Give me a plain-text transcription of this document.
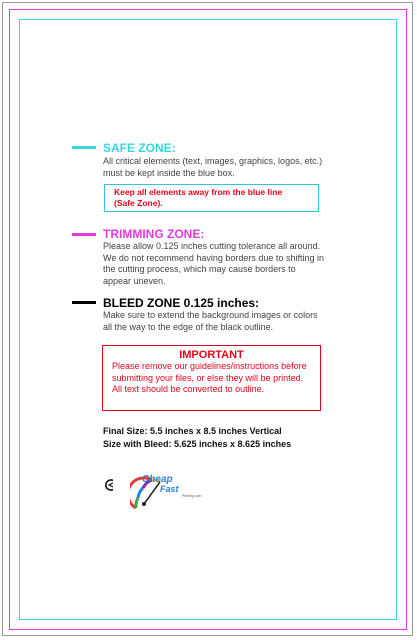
SAFE ZONE:
All critical elements (text, images, graphics, logos, etc.)
must be kept inside the blue box.
Keep all elements away from the blue line
(Safe Zone).
TRIMMING ZONE:
Please allow 0.125 inches cutting tolerance all around.
We do not recommend having borders due to shifting in
the cutting process, which may cause borders to
appear uneven.
BLEED ZONE 0.125 inches:
Make sure to extend the background images or colors
all the way to the edge of the black outline.
IMPORTANT
Please remove our guidelines/instructions before
submitting your files, or else they will be printed.
All text should be converted to outline.
Final Size: 5.5 inches x 8.5 inches Vertical
Size with Bleed: 5.625 inches x 8.625 inches
Cheap
Fast
Printing.com
